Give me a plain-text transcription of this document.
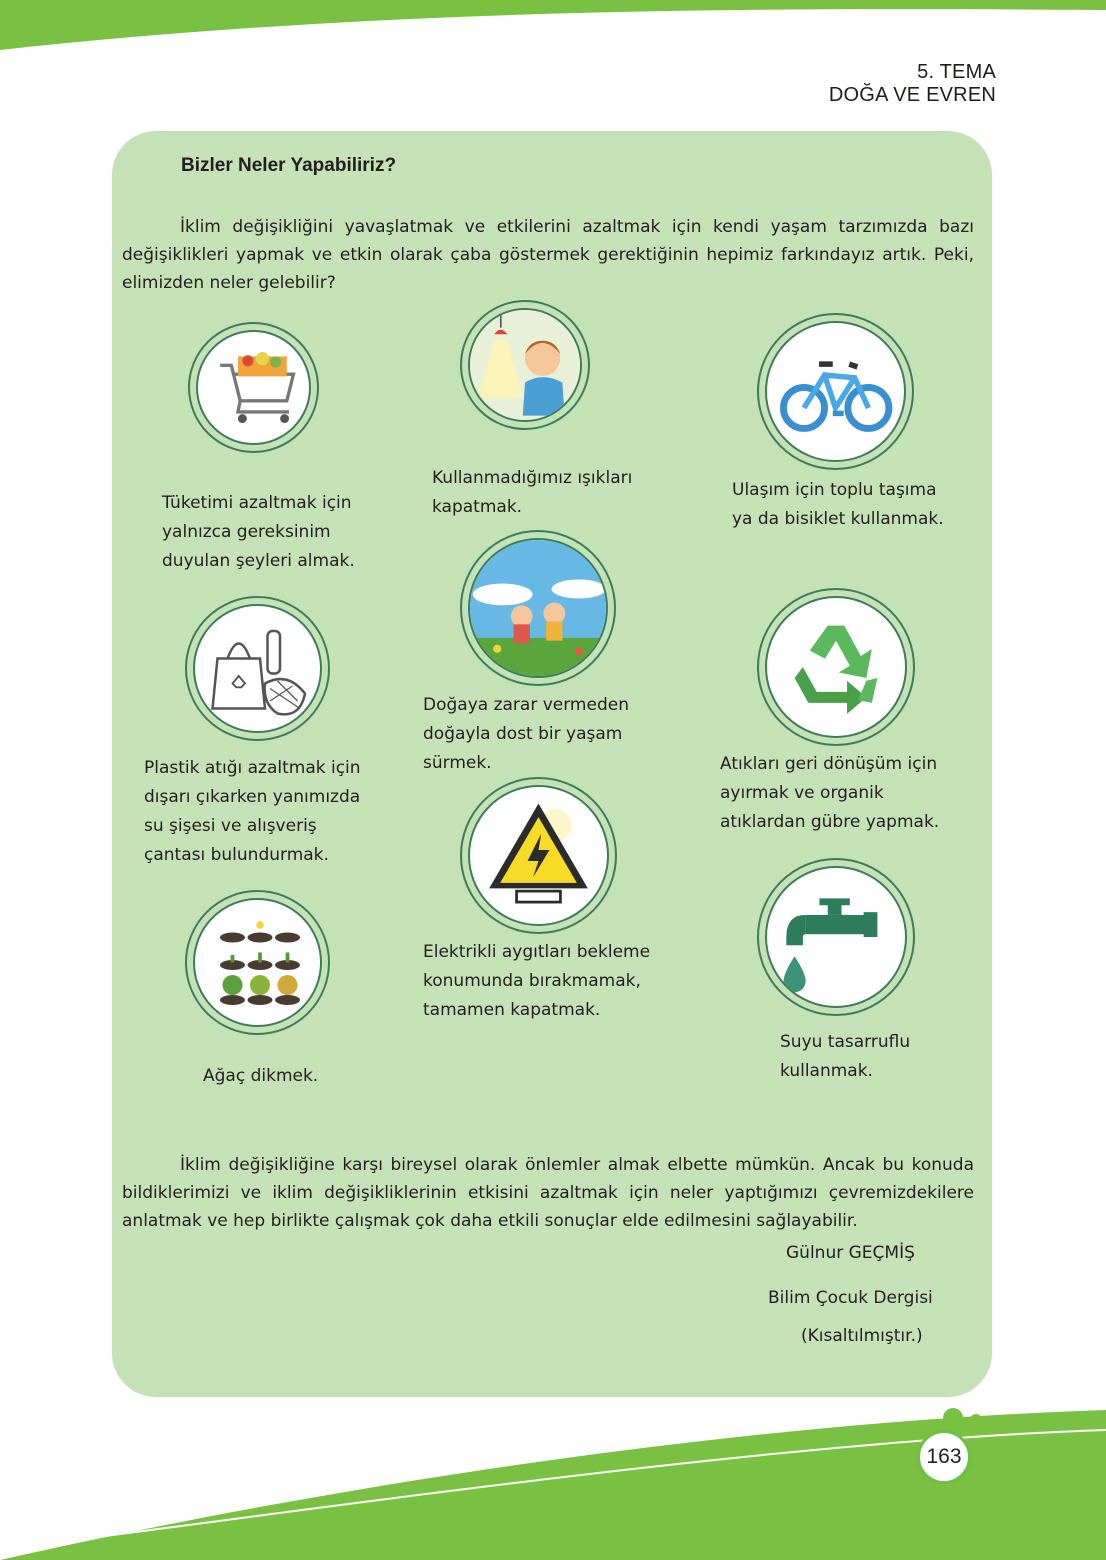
5. TEMA
DOĞA VE EVREN
Bizler Neler Yapabiliriz?
İklim değişikliğini yavaşlatmak ve etkilerini azaltmak için kendi yaşam tarzımızda bazı değişiklikleri yapmak ve etkin olarak çaba göstermek gerektiğinin hepimiz farkındayız artık. Peki, elimizden neler gelebilir?
Tüketimi azaltmak için yalnızca gereksinim duyulan şeyleri almak.
Kullanmadığımız ışıkları kapatmak.
Ulaşım için toplu taşıma ya da bisiklet kullanmak.
Plastik atığı azaltmak için dışarı çıkarken yanımızda su şişesi ve alışveriş çantası bulundurmak.
Doğaya zarar vermeden doğayla dost bir yaşam sürmek.	Atıkları geri dönüşüm için ayırmak ve organik atıklardan gübre yapmak.
Ağaç dikmek.
Elektrikli aygıtları bekleme konumunda bırakmamak, tamamen kapatmak.
Suyu tasarruflu kullanmak.
İklim değişikliğine karşı bireysel olarak önlemler almak elbette mümkün. Ancak bu konuda bildiklerimizi ve iklim değişikliklerinin etkisini azaltmak için neler yaptığımızı çevremizdekilere anlatmak ve hep birlikte çalışmak çok daha etkili sonuçlar elde edilmesini sağlayabilir.
Gülnur GEÇMİŞ
Bilim Çocuk Dergisi
(Kısaltılmıştır.)
163
